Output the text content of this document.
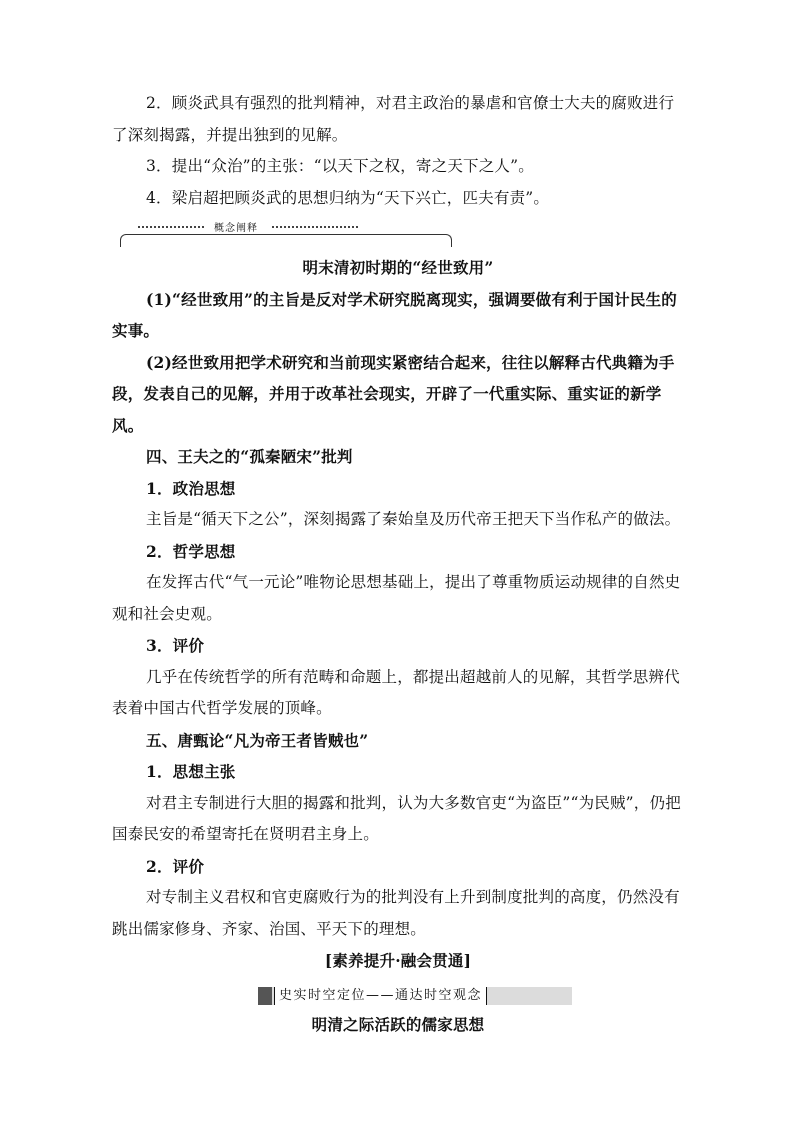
2．顾炎武具有强烈的批判精神，对君主政治的暴虐和官僚士大夫的腐败进行了深刻揭露，并提出独到的见解。

3．提出“众治”的主张：“以天下之权，寄之天下之人”。

4．梁启超把顾炎武的思想归纳为“天下兴亡，匹夫有责”。

概念阐释

明末清初时期的“经世致用”

(1)“经世致用”的主旨是反对学术研究脱离现实，强调要做有利于国计民生的实事。

(2)经世致用把学术研究和当前现实紧密结合起来，往往以解释古代典籍为手段，发表自己的见解，并用于改革社会现实，开辟了一代重实际、重实证的新学风。

四、王夫之的“孤秦陋宋”批判

1．政治思想

主旨是“循天下之公”，深刻揭露了秦始皇及历代帝王把天下当作私产的做法。

2．哲学思想

在发挥古代“气一元论”唯物论思想基础上，提出了尊重物质运动规律的自然史观和社会史观。

3．评价

几乎在传统哲学的所有范畴和命题上，都提出超越前人的见解，其哲学思辨代表着中国古代哲学发展的顶峰。

五、唐甄论“凡为帝王者皆贼也”

1．思想主张

对君主专制进行大胆的揭露和批判，认为大多数官吏“为盗臣”“为民贼”，仍把国泰民安的希望寄托在贤明君主身上。

2．评价

对专制主义君权和官吏腐败行为的批判没有上升到制度批判的高度，仍然没有跳出儒家修身、齐家、治国、平天下的理想。

[素养提升·融会贯通]

史实时空定位——通达时空观念

明清之际活跃的儒家思想
